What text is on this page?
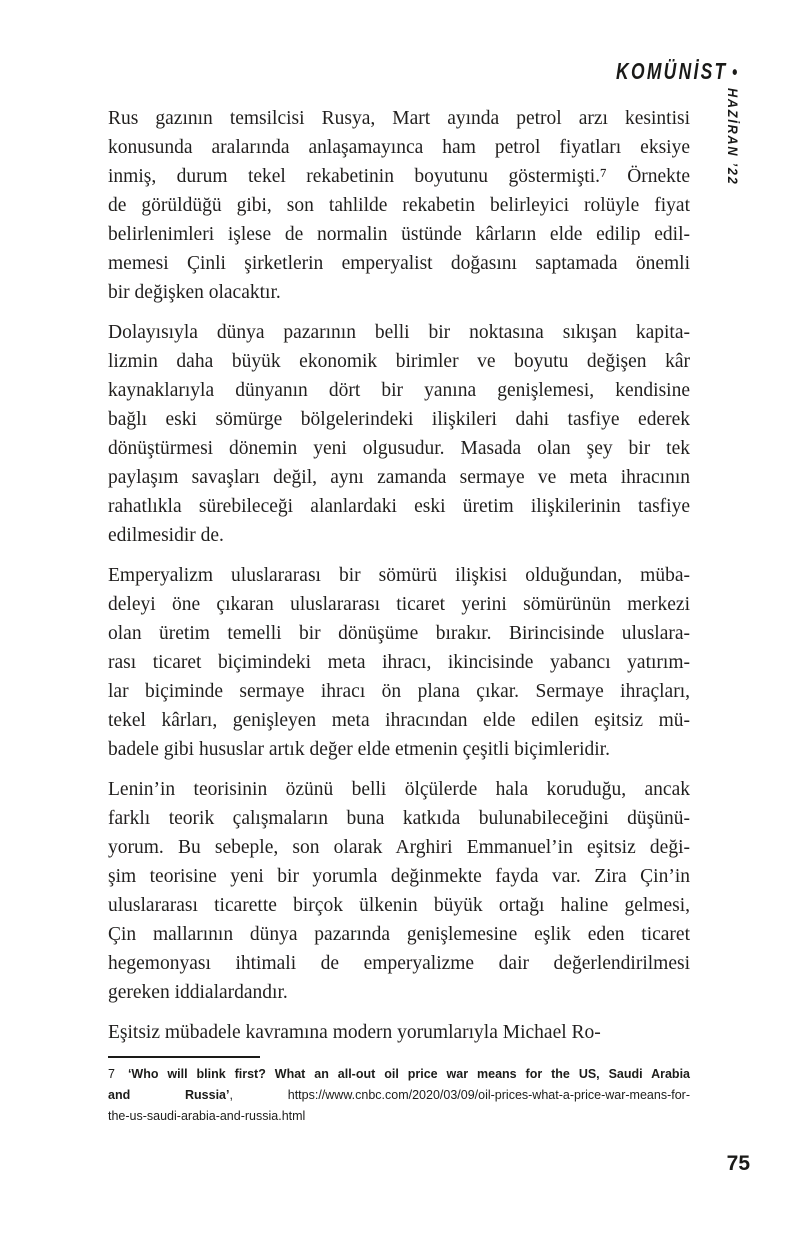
KOMÜNİST •
HAZİRAN ’22
Rus gazının temsilcisi Rusya, Mart ayında petrol arzı kesintisi
konusunda aralarında anlaşamayınca ham petrol fiyatları eksiye
inmiş, durum tekel rekabetinin boyutunu göstermişti.⁷ Örnekte
de görüldüğü gibi, son tahlilde rekabetin belirleyici rolüyle fiyat
belirlenimleri işlese de normalin üstünde kârların elde edilip edil-
memesi Çinli şirketlerin emperyalist doğasını saptamada önemli
bir değişken olacaktır.
Dolayısıyla dünya pazarının belli bir noktasına sıkışan kapita-
lizmin daha büyük ekonomik birimler ve boyutu değişen kâr
kaynaklarıyla dünyanın dört bir yanına genişlemesi, kendisine
bağlı eski sömürge bölgelerindeki ilişkileri dahi tasfiye ederek
dönüştürmesi dönemin yeni olgusudur. Masada olan şey bir tek
paylaşım savaşları değil, aynı zamanda sermaye ve meta ihracının
rahatlıkla sürebileceği alanlardaki eski üretim ilişkilerinin tasfiye
edilmesidir de.
Emperyalizm uluslararası bir sömürü ilişkisi olduğundan, müba-
deleyi öne çıkaran uluslararası ticaret yerini sömürünün merkezi
olan üretim temelli bir dönüşüme bırakır. Birincisinde uluslara-
rası ticaret biçimindeki meta ihracı, ikincisinde yabancı yatırım-
lar biçiminde sermaye ihracı ön plana çıkar. Sermaye ihraçları,
tekel kârları, genişleyen meta ihracından elde edilen eşitsiz mü-
badele gibi hususlar artık değer elde etmenin çeşitli biçimleridir.
Lenin’in teorisinin özünü belli ölçülerde hala koruduğu, ancak
farklı teorik çalışmaların buna katkıda bulunabileceğini düşünü-
yorum. Bu sebeple, son olarak Arghiri Emmanuel’in eşitsiz deği-
şim teorisine yeni bir yorumla değinmekte fayda var. Zira Çin’in
uluslararası ticarette birçok ülkenin büyük ortağı haline gelmesi,
Çin mallarının dünya pazarında genişlemesine eşlik eden ticaret
hegemonyası ihtimali de emperyalizme dair değerlendirilmesi
gereken iddialardandır.
Eşitsiz mübadele kavramına modern yorumlarıyla Michael Ro-
7 ‘Who will blink first? What an all-out oil price war means for the US, Saudi Arabia
and Russia’, https://www.cnbc.com/2020/03/09/oil-prices-what-a-price-war-means-for-
the-us-saudi-arabia-and-russia.html
75
